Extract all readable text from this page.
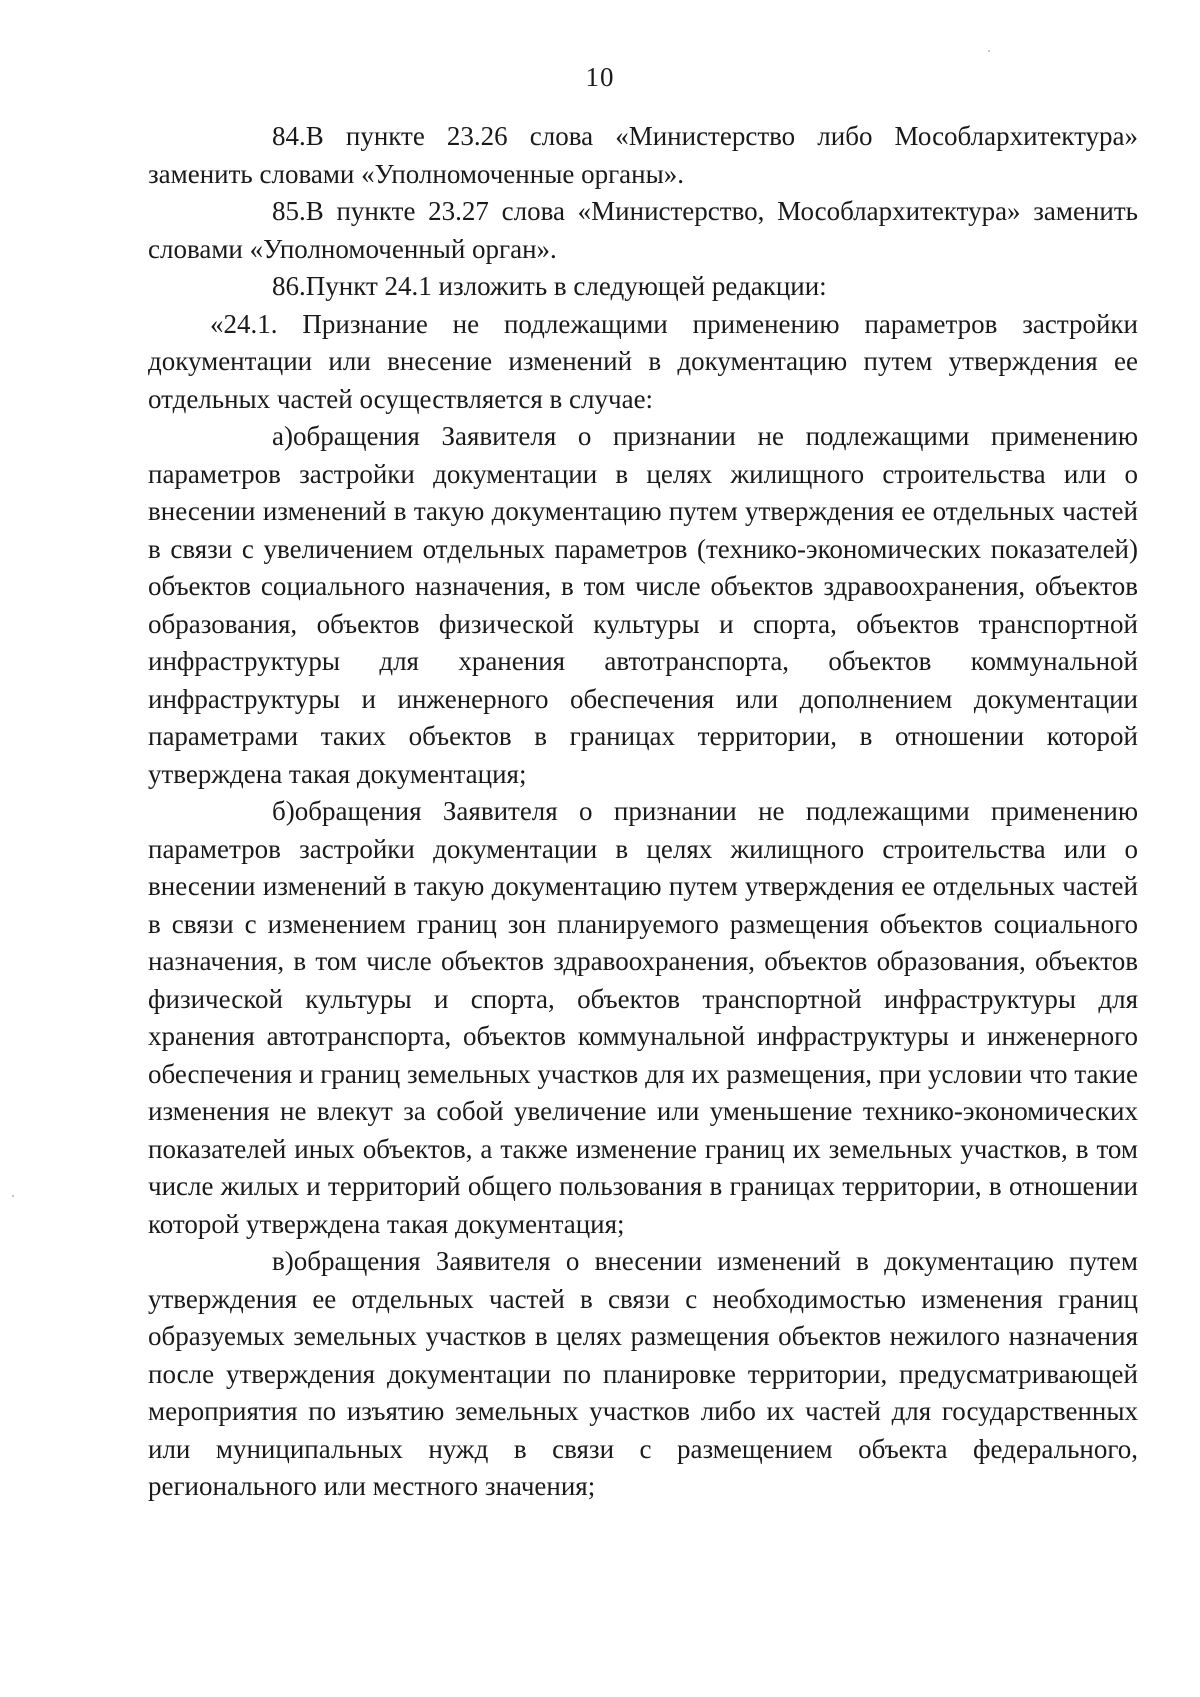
10

84.В пункте 23.26 слова «Министерство либо Мособлархитектура» заменить словами «Уполномоченные органы».

85.В пункте 23.27 слова «Министерство, Мособлархитектура» заменить словами «Уполномоченный орган».

86.Пункт 24.1 изложить в следующей редакции:

«24.1. Признание не подлежащими применению параметров застройки документации или внесение изменений в документацию путем утверждения ее отдельных частей осуществляется в случае:

а)обращения Заявителя о признании не подлежащими применению параметров застройки документации в целях жилищного строительства или о внесении изменений в такую документацию путем утверждения ее отдельных частей в связи с увеличением отдельных параметров (технико-экономических показателей) объектов социального назначения, в том числе объектов здравоохранения, объектов образования, объектов физической культуры и спорта, объектов транспортной инфраструктуры для хранения автотранспорта, объектов коммунальной инфраструктуры и инженерного обеспечения или дополнением документации параметрами таких объектов в границах территории, в отношении которой утверждена такая документация;

б)обращения Заявителя о признании не подлежащими применению параметров застройки документации в целях жилищного строительства или о внесении изменений в такую документацию путем утверждения ее отдельных частей в связи с изменением границ зон планируемого размещения объектов социального назначения, в том числе объектов здравоохранения, объектов образования, объектов физической культуры и спорта, объектов транспортной инфраструктуры для хранения автотранспорта, объектов коммунальной инфраструктуры и инженерного обеспечения и границ земельных участков для их размещения, при условии что такие изменения не влекут за собой увеличение или уменьшение технико-экономических показателей иных объектов, а также изменение границ их земельных участков, в том числе жилых и территорий общего пользования в границах территории, в отношении которой утверждена такая документация;

в)обращения Заявителя о внесении изменений в документацию путем утверждения ее отдельных частей в связи с необходимостью изменения границ образуемых земельных участков в целях размещения объектов нежилого назначения после утверждения документации по планировке территории, предусматривающей мероприятия по изъятию земельных участков либо их частей для государственных или муниципальных нужд в связи с размещением объекта федерального, регионального или местного значения;
